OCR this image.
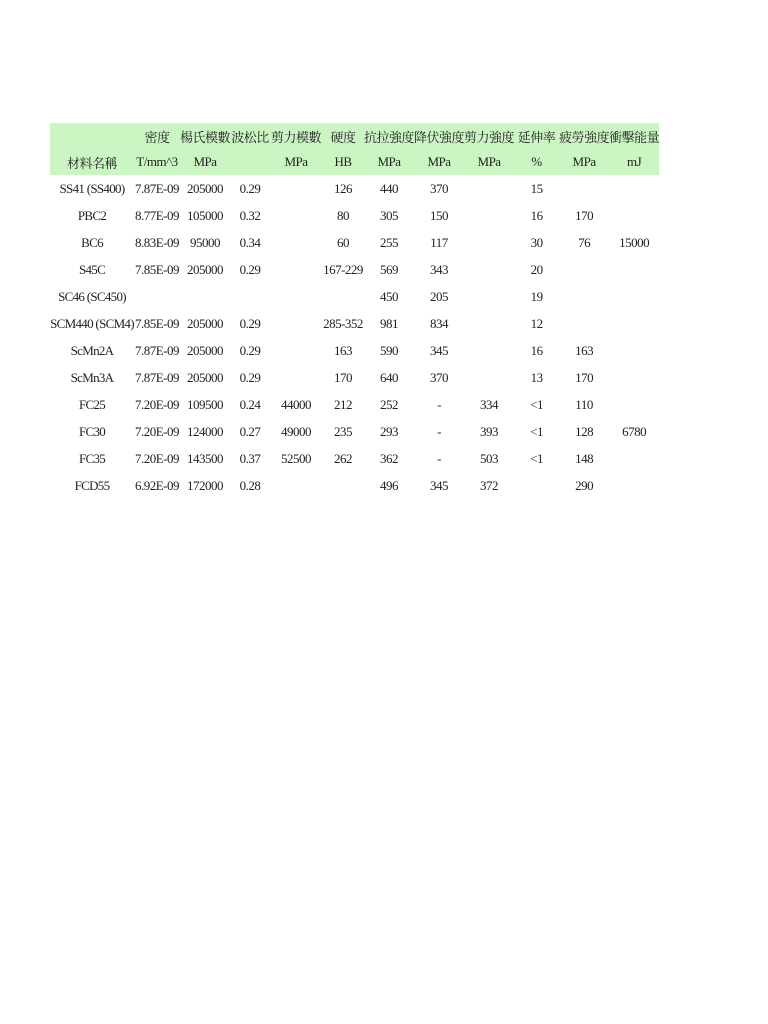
	密度	楊氏模數	波松比	剪力模數	硬度	抗拉強度	降伏強度	剪力強度	延伸率	疲勞強度	衝擊能量
材料名稱	T/mm^3	MPa		MPa	HB	MPa	MPa	MPa	%	MPa	mJ
SS41 (SS400)	7.87E-09	205000	0.29		126	440	370		15		
PBC2	8.77E-09	105000	0.32		80	305	150		16	170	
BC6	8.83E-09	95000	0.34		60	255	117		30	76	15000
S45C	7.85E-09	205000	0.29		167-229	569	343		20		
SC46 (SC450)						450	205		19		
SCM440 (SCM4)	7.85E-09	205000	0.29		285-352	981	834		12		
ScMn2A	7.87E-09	205000	0.29		163	590	345		16	163	
ScMn3A	7.87E-09	205000	0.29		170	640	370		13	170	
FC25	7.20E-09	109500	0.24	44000	212	252	-	334	<1	110	
FC30	7.20E-09	124000	0.27	49000	235	293	-	393	<1	128	6780
FC35	7.20E-09	143500	0.37	52500	262	362	-	503	<1	148	
FCD55	6.92E-09	172000	0.28			496	345	372		290	
